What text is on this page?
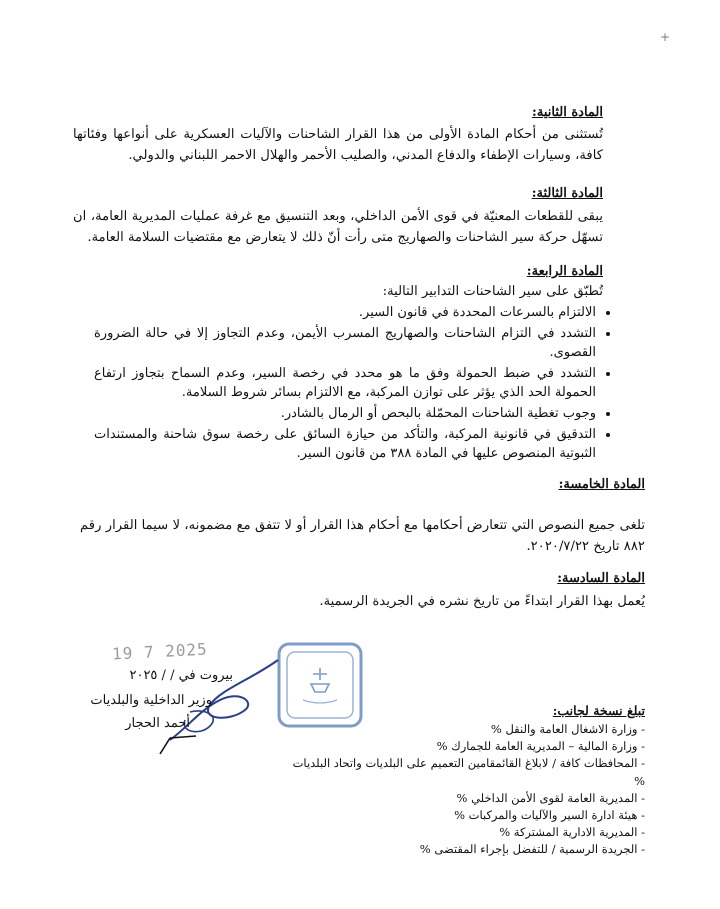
+
المادة الثانية:
تُستثنى من أحكام المادة الأولى من هذا القرار الشاحنات والآليات العسكرية على أنواعها وفئاتها كافة، وسيارات الإطفاء والدفاع المدني، والصليب الأحمر والهلال الاحمر اللبناني والدولي.
المادة الثالثة:
يبقى للقطعات المعنيّة في قوى الأمن الداخلي، وبعد التنسيق مع غرفة عمليات المديرية العامة، ان تسهّل حركة سير الشاحنات والصهاريج متى رأت أنّ ذلك لا يتعارض مع مقتضيات السلامة العامة.
المادة الرابعة:
تُطبّق على سير الشاحنات التدابير التالية:
• الالتزام بالسرعات المحددة في قانون السير.
• التشدد في التزام الشاحنات والصهاريج المسرب الأيمن، وعدم التجاوز إلا في حالة الضرورة القصوى.
• التشدد في ضبط الحمولة وفق ما هو محدد في رخصة السير، وعدم السماح بتجاوز ارتفاع الحمولة الحد الذي يؤثر على توازن المركبة، مع الالتزام بسائر شروط السلامة.
• وجوب تغطية الشاحنات المحمّلة بالبحص أو الرمال بالشادر.
• التدقيق في قانونية المركبة، والتأكد من حيازة السائق على رخصة سوق شاحنة والمستندات الثبوتية المنصوص عليها في المادة ٣٨٨ من قانون السير.
المادة الخامسة:
تلغى جميع النصوص التي تتعارض أحكامها مع أحكام هذا القرار أو لا تتفق مع مضمونه، لا سيما القرار رقم ٨٨٢ تاريخ ٢٠٢٠/٧/٢٢.
المادة السادسة:
يُعمل بهذا القرار ابتداءً من تاريخ نشره في الجريدة الرسمية.
19 7 2025
بيروت في / / ٢٠٢٥
وزير الداخلية والبلديات
أحمد الحجار
تبلغ نسخة لجانب:
- وزارة الاشغال العامة والنقل %
- وزارة المالية – المديرية العامة للجمارك %
- المحافظات كافة / لابلاغ القائمقامين التعميم على البلديات واتحاد البلديات %
- المديرية العامة لقوى الأمن الداخلي %
- هيئة ادارة السير والآليات والمركبات %
- المديرية الادارية المشتركة %
- الجريدة الرسمية / للتفضل بإجراء المقتضى %
